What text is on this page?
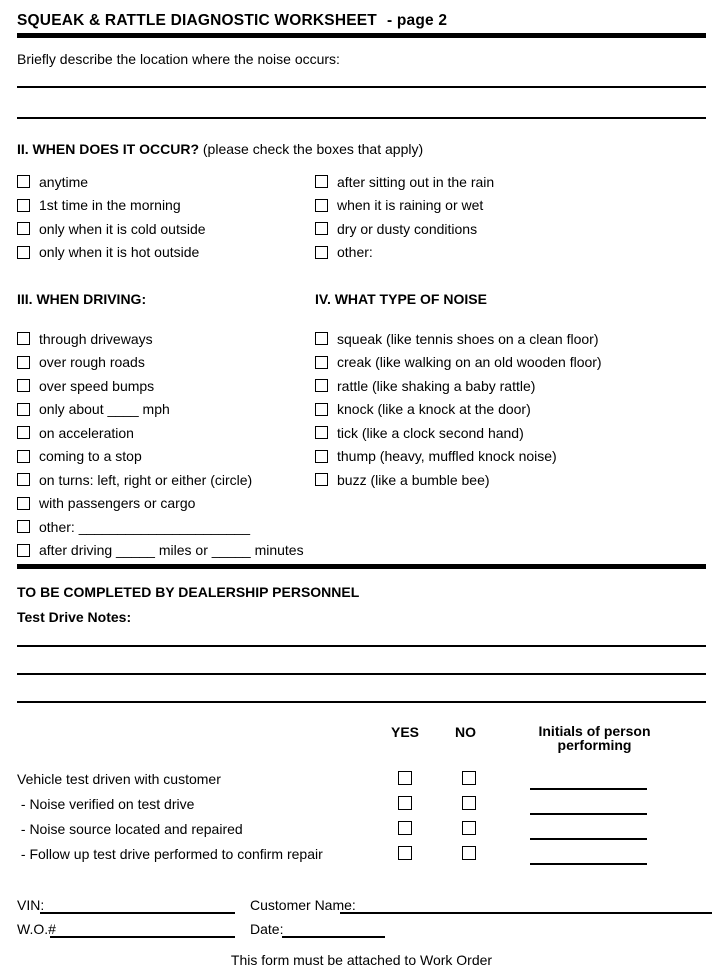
SQUEAK & RATTLE DIAGNOSTIC WORKSHEET - page 2
Briefly describe the location where the noise occurs:
II. WHEN DOES IT OCCUR? (please check the boxes that apply)
anytime
1st time in the morning
only when it is cold outside
only when it is hot outside
after sitting out in the rain
when it is raining or wet
dry or dusty conditions
other:
III. WHEN DRIVING:	IV. WHAT TYPE OF NOISE
through driveways
over rough roads
over speed bumps
only about ____ mph
on acceleration
coming to a stop
on turns: left, right or either (circle)
with passengers or cargo
other: ______________________
after driving _____ miles or _____ minutes
squeak (like tennis shoes on a clean floor)
creak (like walking on an old wooden floor)
rattle (like shaking a baby rattle)
knock (like a knock at the door)
tick (like a clock second hand)
thump (heavy, muffled knock noise)
buzz (like a bumble bee)
TO BE COMPLETED BY DEALERSHIP PERSONNEL
Test Drive Notes:
YES	NO	Initials of person
performing
Vehicle test driven with customer
- Noise verified on test drive
- Noise source located and repaired
- Follow up test drive performed to confirm repair
VIN:	Customer Name:
W.O.#	Date:
This form must be attached to Work Order
